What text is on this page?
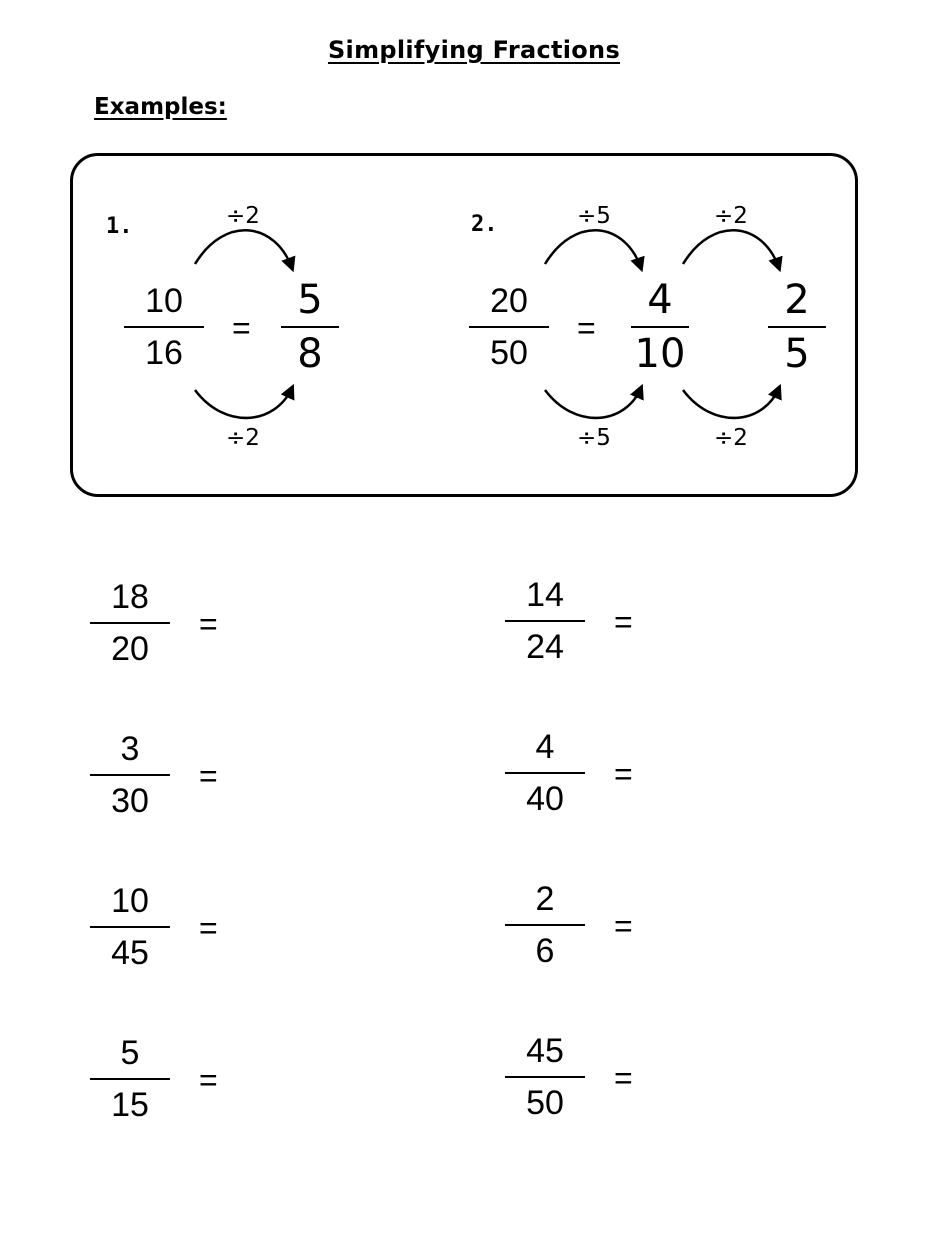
Simplifying Fractions
Examples:
1.	÷2
10
16
=
5
8
÷2
2.	÷5	÷2
20
50
=
4
10
2
5
÷5	÷2
18
20
=
14
24
=
3
30
=
4
40
=
10
45
=
2
6
=
5
15
=
45
50
=
